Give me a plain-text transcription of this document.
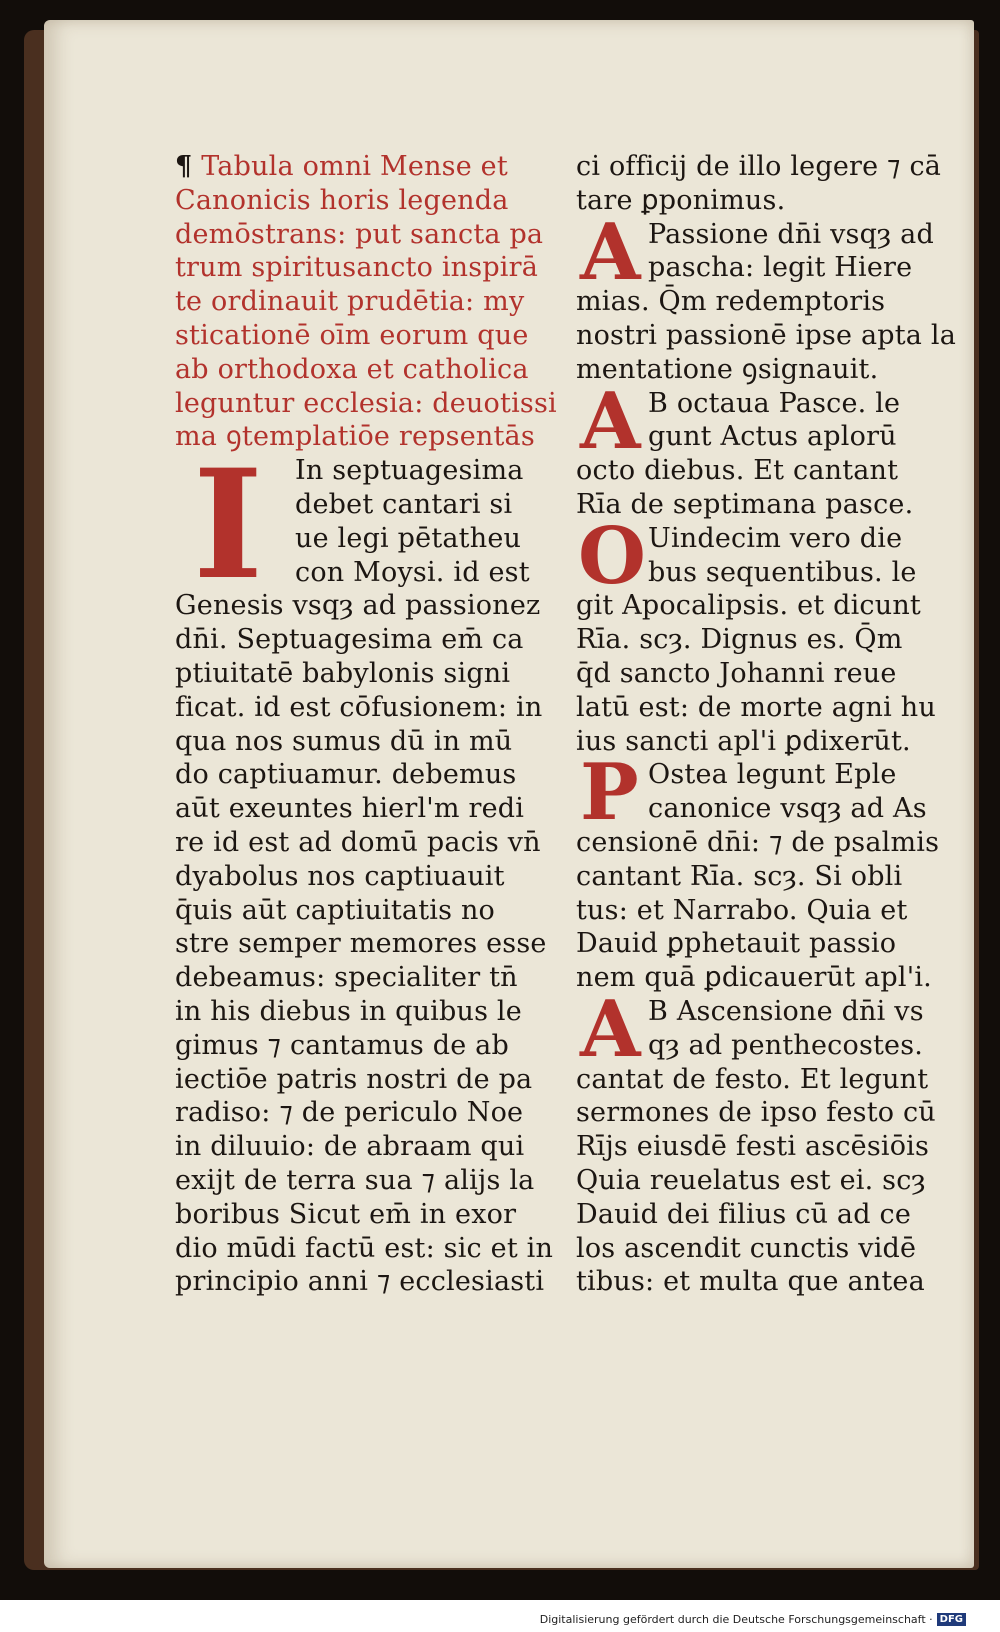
¶ Tabula omni Mense et
Canonicis horis legenda
demōstrans: put sancta pa
trum spiritusancto inspirā
te ordinauit prudētia: my
sticationē oīm eorum que
ab orthodoxa et catholica
leguntur ecclesia: deuotissi
ma ꝯtemplatiōe repsentās
I	In septuagesima
debet cantari si
ue legi pētatheu
con Moysi. id est
Genesis vsqȝ ad passionez
dn̄i. Septuagesima em̄ ca
ptiuitatē babylonis signi
ficat. id est cōfusionem: in
qua nos sumus dū in mū
do captiuamur. debemus
aūt exeuntes hierl'm redi
re id est ad domū pacis vn̄
dyabolus nos captiuauit
q̄uis aūt captiuitatis no
stre semper memores esse
debeamus: specialiter tn̄
in his diebus in quibus le
gimus ⁊ cantamus de ab
iectiōe patris nostri de pa
radiso: ⁊ de periculo Noe
in diluuio: de abraam qui
exijt de terra sua ⁊ alijs la
boribus Sicut em̄ in exor
dio mūdi factū est: sic et in
principio anni ⁊ ecclesiasti
ci officij de illo legere ⁊ cā
tare ꝑponimus.
A Passione dn̄i vsqȝ ad
pascha: legit Hiere
mias. Q̄m redemptoris
nostri passionē ipse apta la
mentatione ꝯsignauit.
A B octaua Pasce. le
gunt Actus aplorū
octo diebus. Et cantant
Rīa de septimana pasce.
O Uindecim vero die
bus sequentibus. le
git Apocalipsis. et dicunt
Rīa. scȝ. Dignus es. Q̄m
q̄d sancto Johanni reue
latū est: de morte agni hu
ius sancti apl'i ꝑdixerūt.
P Ostea legunt Eple
canonice vsqȝ ad As
censionē dn̄i: ⁊ de psalmis
cantant Rīa. scȝ. Si obli
tus: et Narrabo. Quia et
Dauid ꝑphetauit passio
nem quā ꝑdicauerūt apl'i.
A B Ascensione dn̄i vs
qȝ ad penthecostes.
cantat de festo. Et legunt
sermones de ipso festo cū
Rījs eiusdē festi ascēsiōis
Quia reuelatus est ei. scȝ
Dauid dei filius cū ad ce
los ascendit cunctis vidē
tibus: et multa que antea
Digitalisierung gefördert durch die Deutsche Forschungsgemeinschaft · DFG
